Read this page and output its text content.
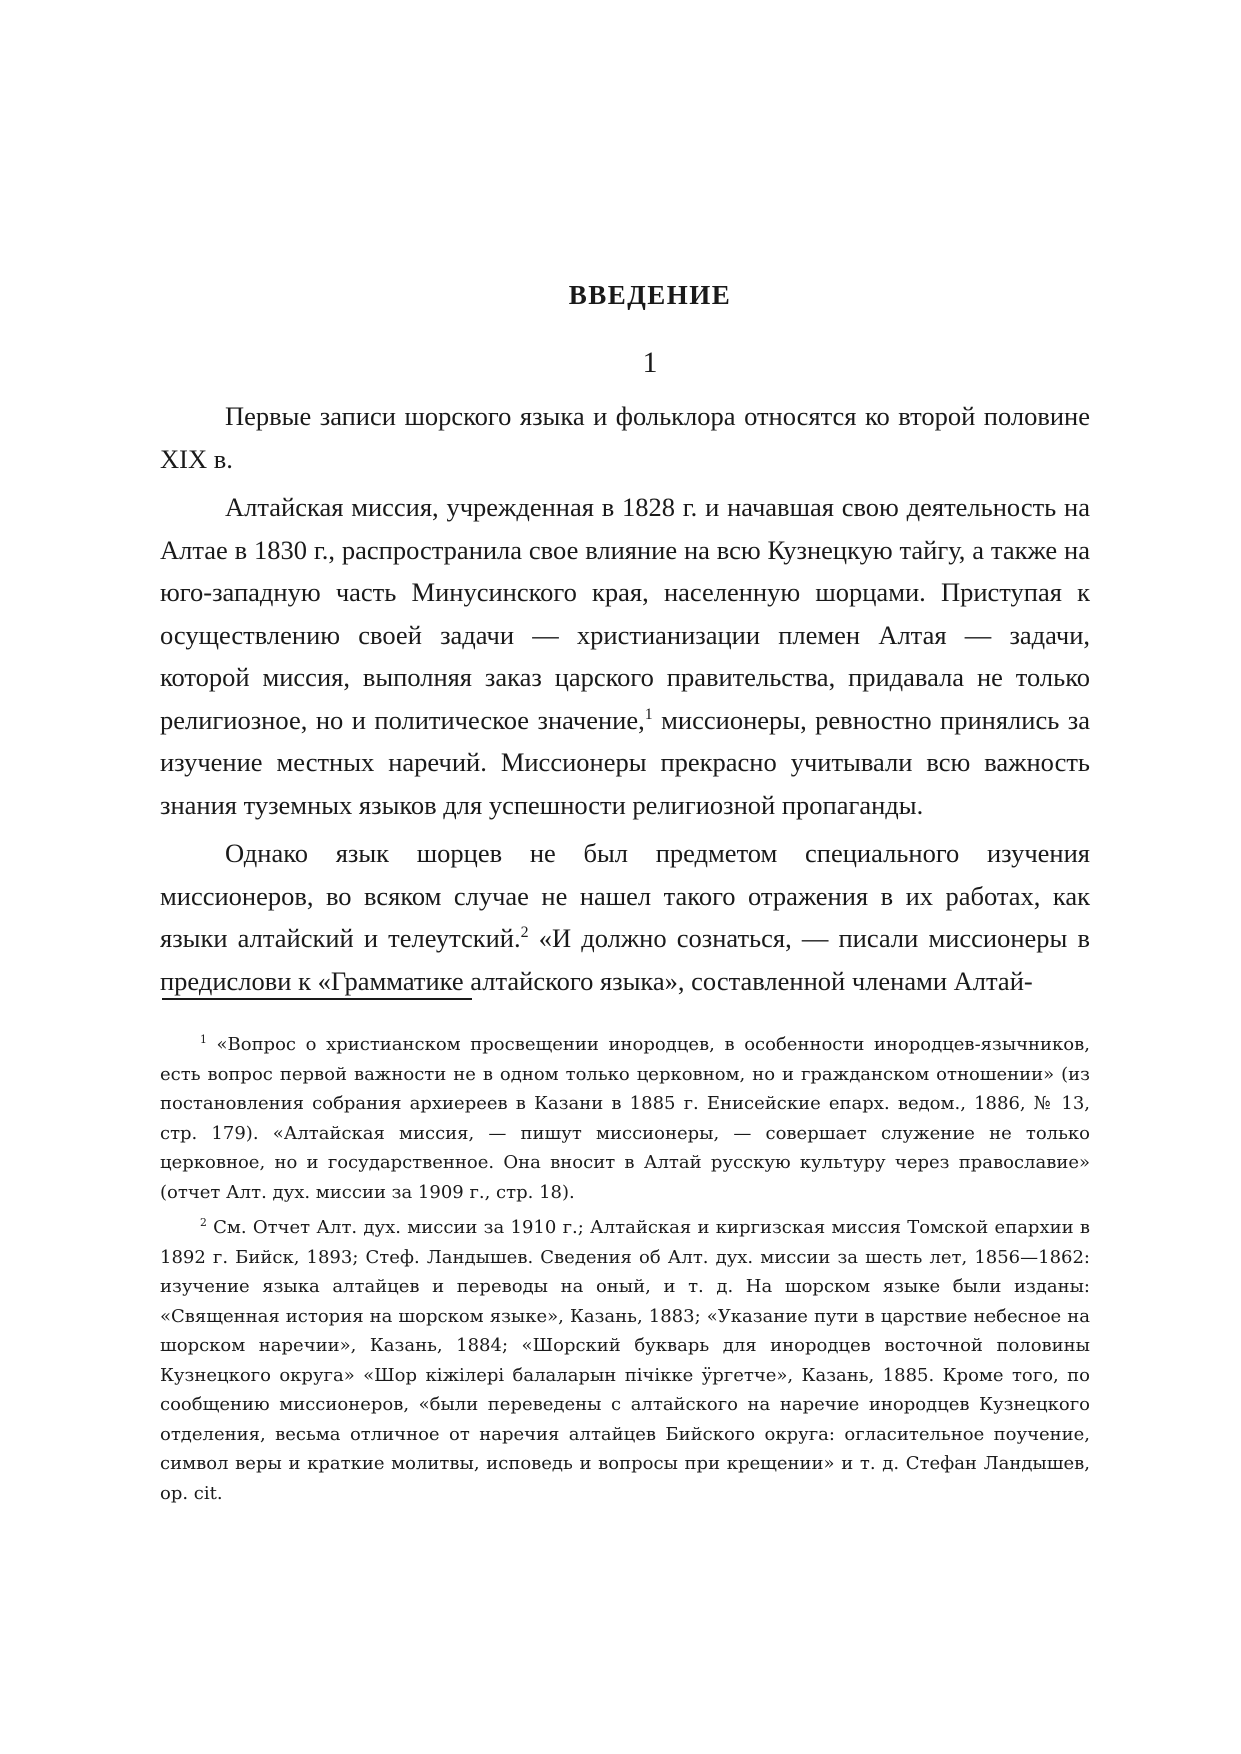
ВВЕДЕНИЕ
1

Первые записи шорского языка и фольклора относятся ко второй половине XIX в.

Алтайская миссия, учрежденная в 1828 г. и начавшая свою деятельность на Алтае в 1830 г., распространила свое влияние на всю Кузнецкую тайгу, а также на юго-западную часть Минусинского края, населенную шорцами. Приступая к осуществлению своей задачи — христианизации племен Алтая — задачи, которой миссия, выполняя заказ царского правительства, придавала не только религиозное, но и политическое значение,$^1$ миссионеры, ревностно принялись за изучение местных наречий. Миссионеры прекрасно учитывали всю важность знания туземных языков для успешности религиозной пропаганды.

Однако язык шорцев не был предметом специального изучения миссионеров, во всяком случае не нашел такого отражения в их работах, как языки алтайский и телеутский.$^2$ «И должно сознаться, — писали миссионеры в предислови к «Грамматике алтайского языка», составленной членами Алтай-

$^1$ «Вопрос о христианском просвещении инородцев, в особенности инородцев-язычников, есть вопрос первой важности не в одном только церковном, но и гражданском отношении» (из постановления собрания архиереев в Казани в 1885 г. Енисейские епарх. ведом., 1886, № 13, стр. 179). «Алтайская миссия, — пишут миссионеры, — совершает служение не только церковное, но и государственное. Она вносит в Алтай русскую культуру через православие» (отчет Алт. дух. миссии за 1909 г., стр. 18).

$^2$ См. Отчет Алт. дух. миссии за 1910 г.; Алтайская и киргизская миссия Томской епархии в 1892 г. Бийск, 1893; Стеф. Ландышев. Сведения об Алт. дух. миссии за шесть лет, 1856—1862: изучение языка алтайцев и переводы на оный, и т. д. На шорском языке были изданы: «Священная история на шорском языке», Казань, 1883; «Указание пути в царствие небесное на шорском наречии», Казань, 1884; «Шорский букварь для инородцев восточной половины Кузнецкого округа» «Шор кiжiлерi балаларын пiчiкке ӱргетче», Казань, 1885. Кроме того, по сообщению миссионеров, «были переведены с алтайского на наречие инородцев Кузнецкого отделения, весьма отличное от наречия алтайцев Бийского округа: огласительное поучение, символ веры и краткие молитвы, исповедь и вопросы при крещении» и т. д. Стефан Ландышев, op. cit.
